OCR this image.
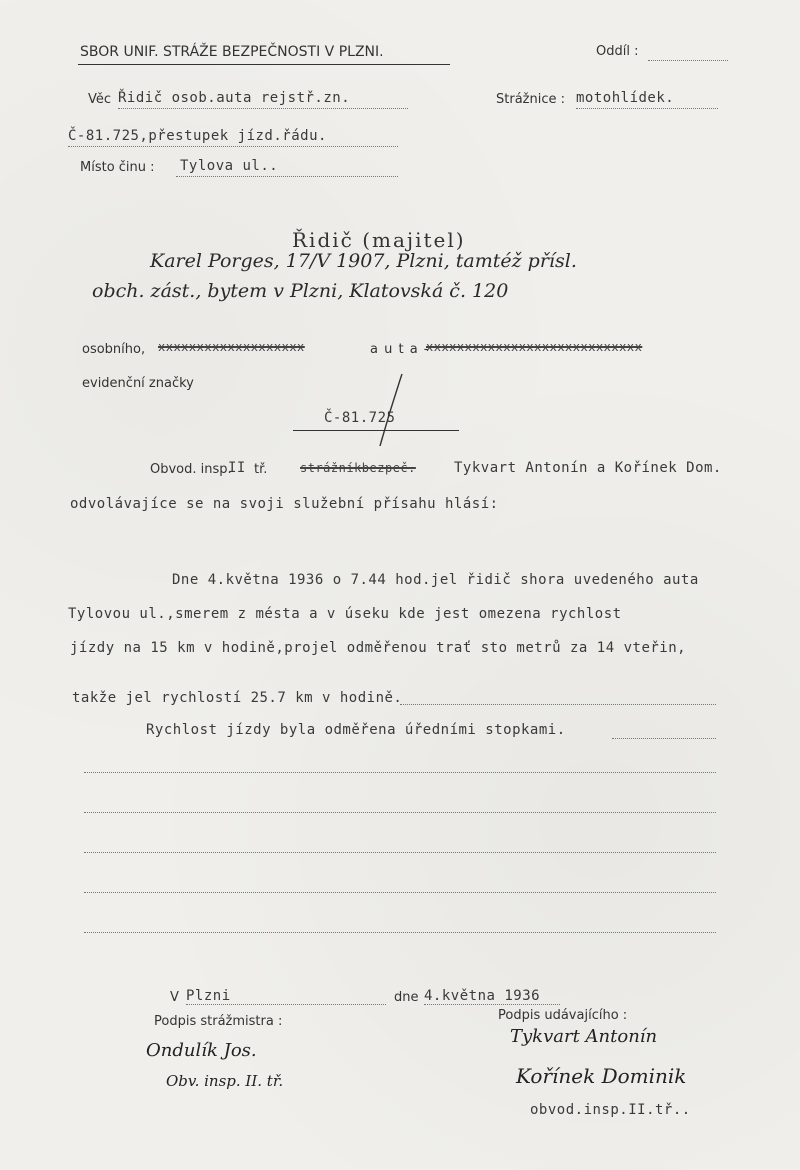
SBOR UNIF. STRÁŽE BEZPEČNOSTI V PLZNI.	Oddíl :
Věc Řidič osob.auta rejstř.zn.	Strážnice : motohlídek.
Č-81.725,přestupek jízd.řádu.
Místo činu : Tylova ul..
Řidič (majitel)
Karel Porges, 17/V 1907, Plzni, tamtéž přísl.
obch. zást., bytem v Plzni, Klatovská č. 120
osobního, xxxxxxxxxxxxxxxxxxx	a u t a -
xxxxxxxxxxxxxxxxxxxxxxxxxxxx
evidenční značky
Č-81.725
Obvod. insp.
II tř.	strážníkbezpeč.	Tykvart Antonín a Kořínek Dom.
odvolávajíce se na svoji služební přísahu hlásí:
Dne 4.května 1936 o 7.44 hod.jel řidič shora uvedeného auta
Tylovou ul.,smerem z mésta a v úseku kde jest omezena rychlost
jízdy na 15 km v hodině,projel odměřenou trať sto metrů za 14 vteřin,
takže jel rychlostí 25.7 km v hodině.
Rychlost jízdy byla odměřena úředními stopkami.
V Plzni	dne 4.května 1936
Podpis strážmistra :	Podpis udávajícího :
Ondulík Jos.
Obv. insp. II. tř.
Tykvart Antonín
Kořínek Dominik
obvod.insp.II.tř..
